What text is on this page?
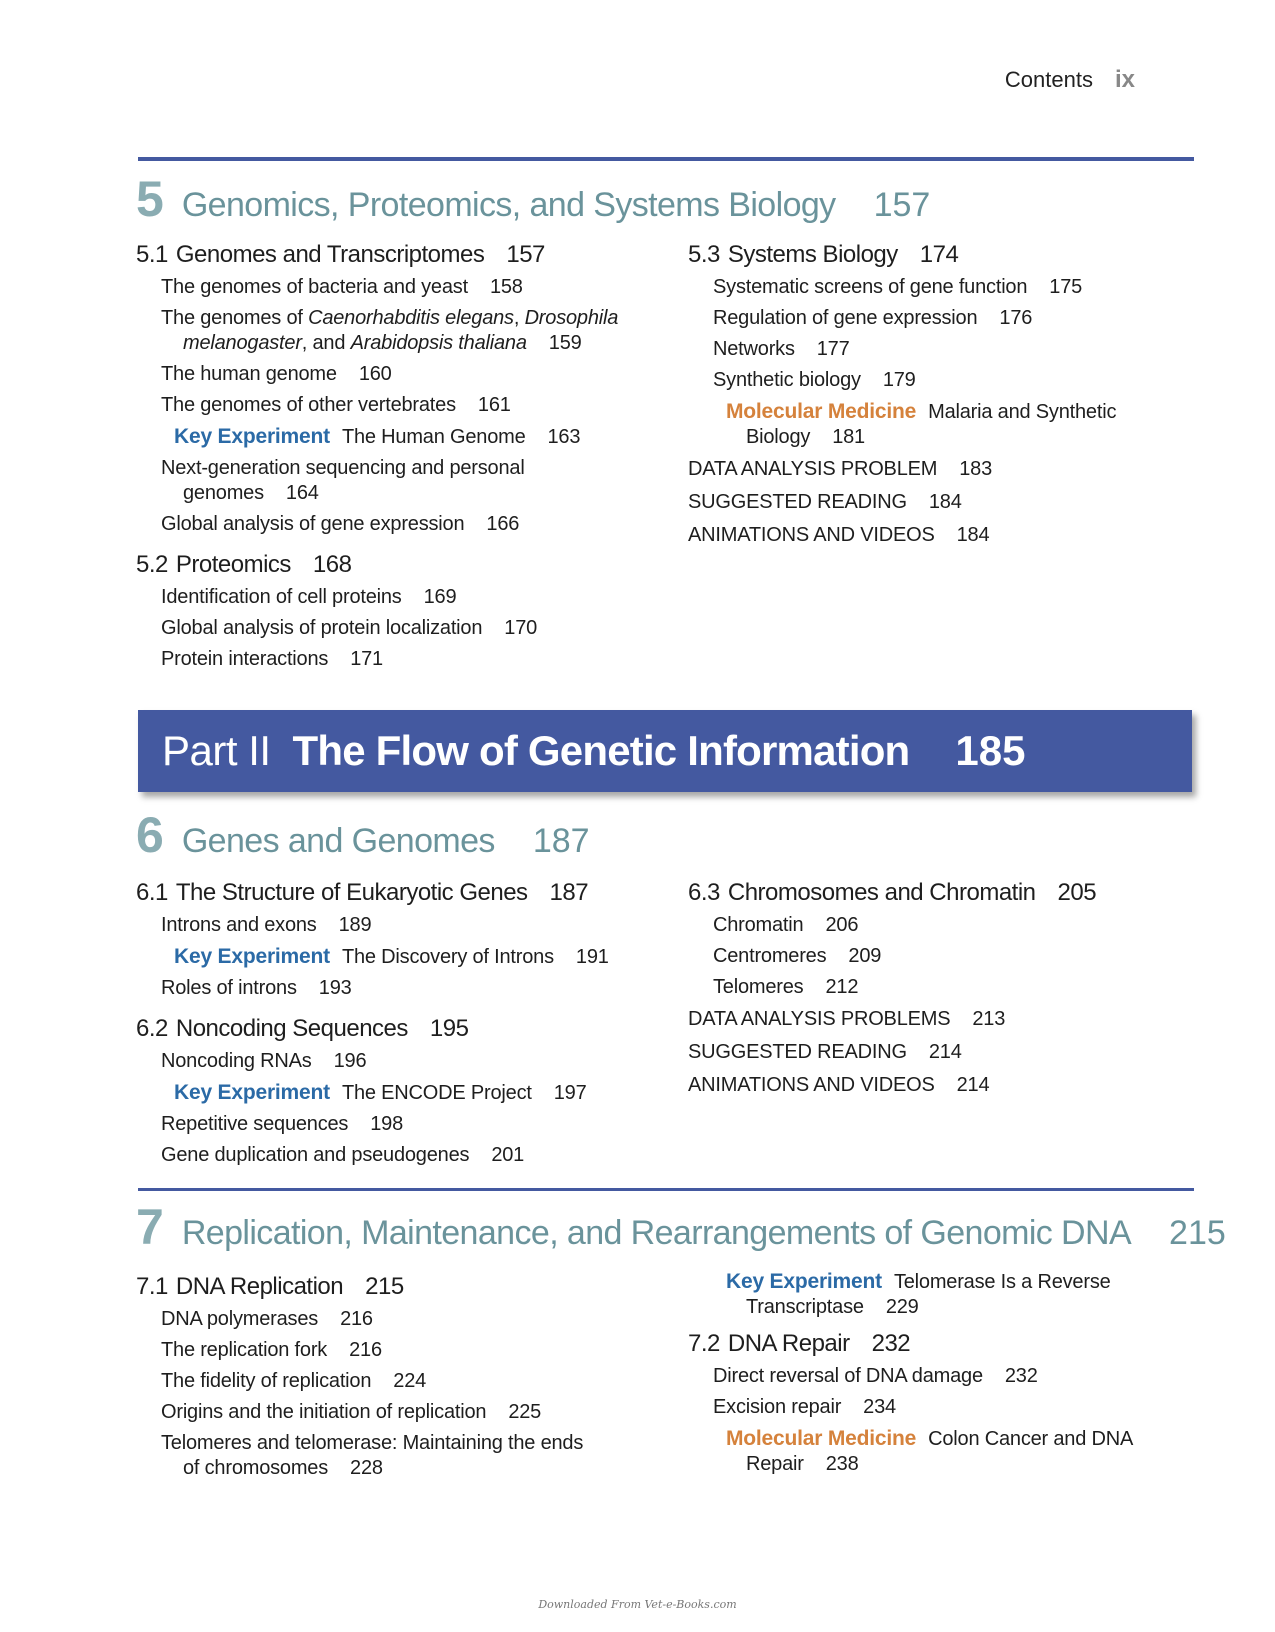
Contents ix
5 Genomics, Proteomics, and Systems Biology 157
5.1 Genomes and Transcriptomes 157
The genomes of bacteria and yeast 158
The genomes of Caenorhabditis elegans, Drosophila
melanogaster, and Arabidopsis thaliana 159
The human genome 160
The genomes of other vertebrates 161
Key Experiment The Human Genome 163
Next-generation sequencing and personal
genomes 164
Global analysis of gene expression 166
5.2 Proteomics 168
Identification of cell proteins 169
Global analysis of protein localization 170
Protein interactions 171
5.3 Systems Biology 174
Systematic screens of gene function 175
Regulation of gene expression 176
Networks 177
Synthetic biology 179
Molecular Medicine Malaria and Synthetic
Biology 181
DATA ANALYSIS PROBLEM 183
SUGGESTED READING 184
ANIMATIONS AND VIDEOS 184
Part II The Flow of Genetic Information 185
6 Genes and Genomes 187
6.1 The Structure of Eukaryotic Genes 187
Introns and exons 189
Key Experiment The Discovery of Introns 191
Roles of introns 193
6.2 Noncoding Sequences 195
Noncoding RNAs 196
Key Experiment The ENCODE Project 197
Repetitive sequences 198
Gene duplication and pseudogenes 201
6.3 Chromosomes and Chromatin 205
Chromatin 206
Centromeres 209
Telomeres 212
DATA ANALYSIS PROBLEMS 213
SUGGESTED READING 214
ANIMATIONS AND VIDEOS 214
7 Replication, Maintenance, and Rearrangements of Genomic DNA 215
7.1 DNA Replication 215
DNA polymerases 216
The replication fork 216
The fidelity of replication 224
Origins and the initiation of replication 225
Telomeres and telomerase: Maintaining the ends
of chromosomes 228
Key Experiment Telomerase Is a Reverse
Transcriptase 229
7.2 DNA Repair 232
Direct reversal of DNA damage 232
Excision repair 234
Molecular Medicine Colon Cancer and DNA
Repair 238
Downloaded From Vet-e-Books.com
